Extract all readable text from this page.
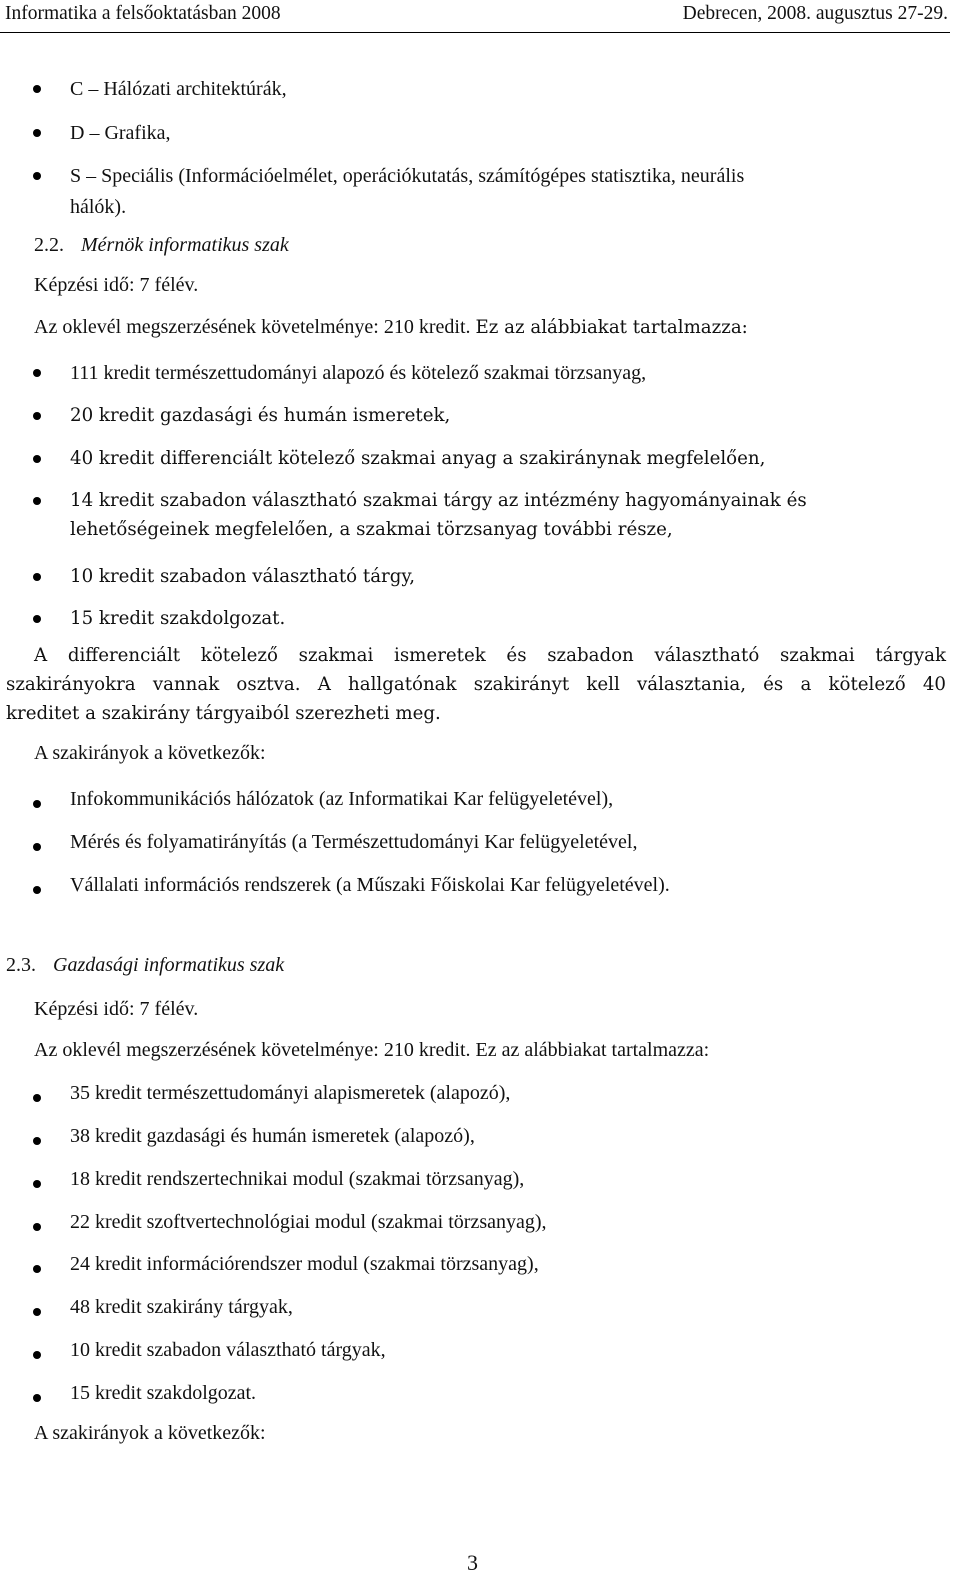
Informatika a felsőoktatásban 2008	Debrecen, 2008. augusztus 27-29.
C – Hálózati architektúrák,
D – Grafika,
S – Speciális (Információelmélet, operációkutatás, számítógépes statisztika, neurális
hálók).
2.2. Mérnök informatikus szak
Képzési idő: 7 félév.
Az oklevél megszerzésének követelménye: 210 kredit. Ez az alábbiakat tartalmazza:
111 kredit természettudományi alapozó és kötelező szakmai törzsanyag,
20 kredit gazdasági és humán ismeretek,
40 kredit differenciált kötelező szakmai anyag a szakiránynak megfelelően,
14 kredit szabadon választható szakmai tárgy az intézmény hagyományainak és
lehetőségeinek megfelelően, a szakmai törzsanyag további része,
10 kredit szabadon választható tárgy,
15 kredit szakdolgozat.
A differenciált kötelező szakmai ismeretek és szabadon választható szakmai tárgyak
szakirányokra vannak osztva. A hallgatónak szakirányt kell választania, és a kötelező 40
kreditet a szakirány tárgyaiból szerezheti meg.
A szakirányok a következők:
Infokommunikációs hálózatok (az Informatikai Kar felügyeletével),
Mérés és folyamatirányítás (a Természettudományi Kar felügyeletével,
Vállalati információs rendszerek (a Műszaki Főiskolai Kar felügyeletével).
2.3. Gazdasági informatikus szak
Képzési idő: 7 félév.
Az oklevél megszerzésének követelménye: 210 kredit. Ez az alábbiakat tartalmazza:
35 kredit természettudományi alapismeretek (alapozó),
38 kredit gazdasági és humán ismeretek (alapozó),
18 kredit rendszertechnikai modul (szakmai törzsanyag),
22 kredit szoftvertechnológiai modul (szakmai törzsanyag),
24 kredit információrendszer modul (szakmai törzsanyag),
48 kredit szakirány tárgyak,
10 kredit szabadon választható tárgyak,
15 kredit szakdolgozat.
A szakirányok a következők:
3
